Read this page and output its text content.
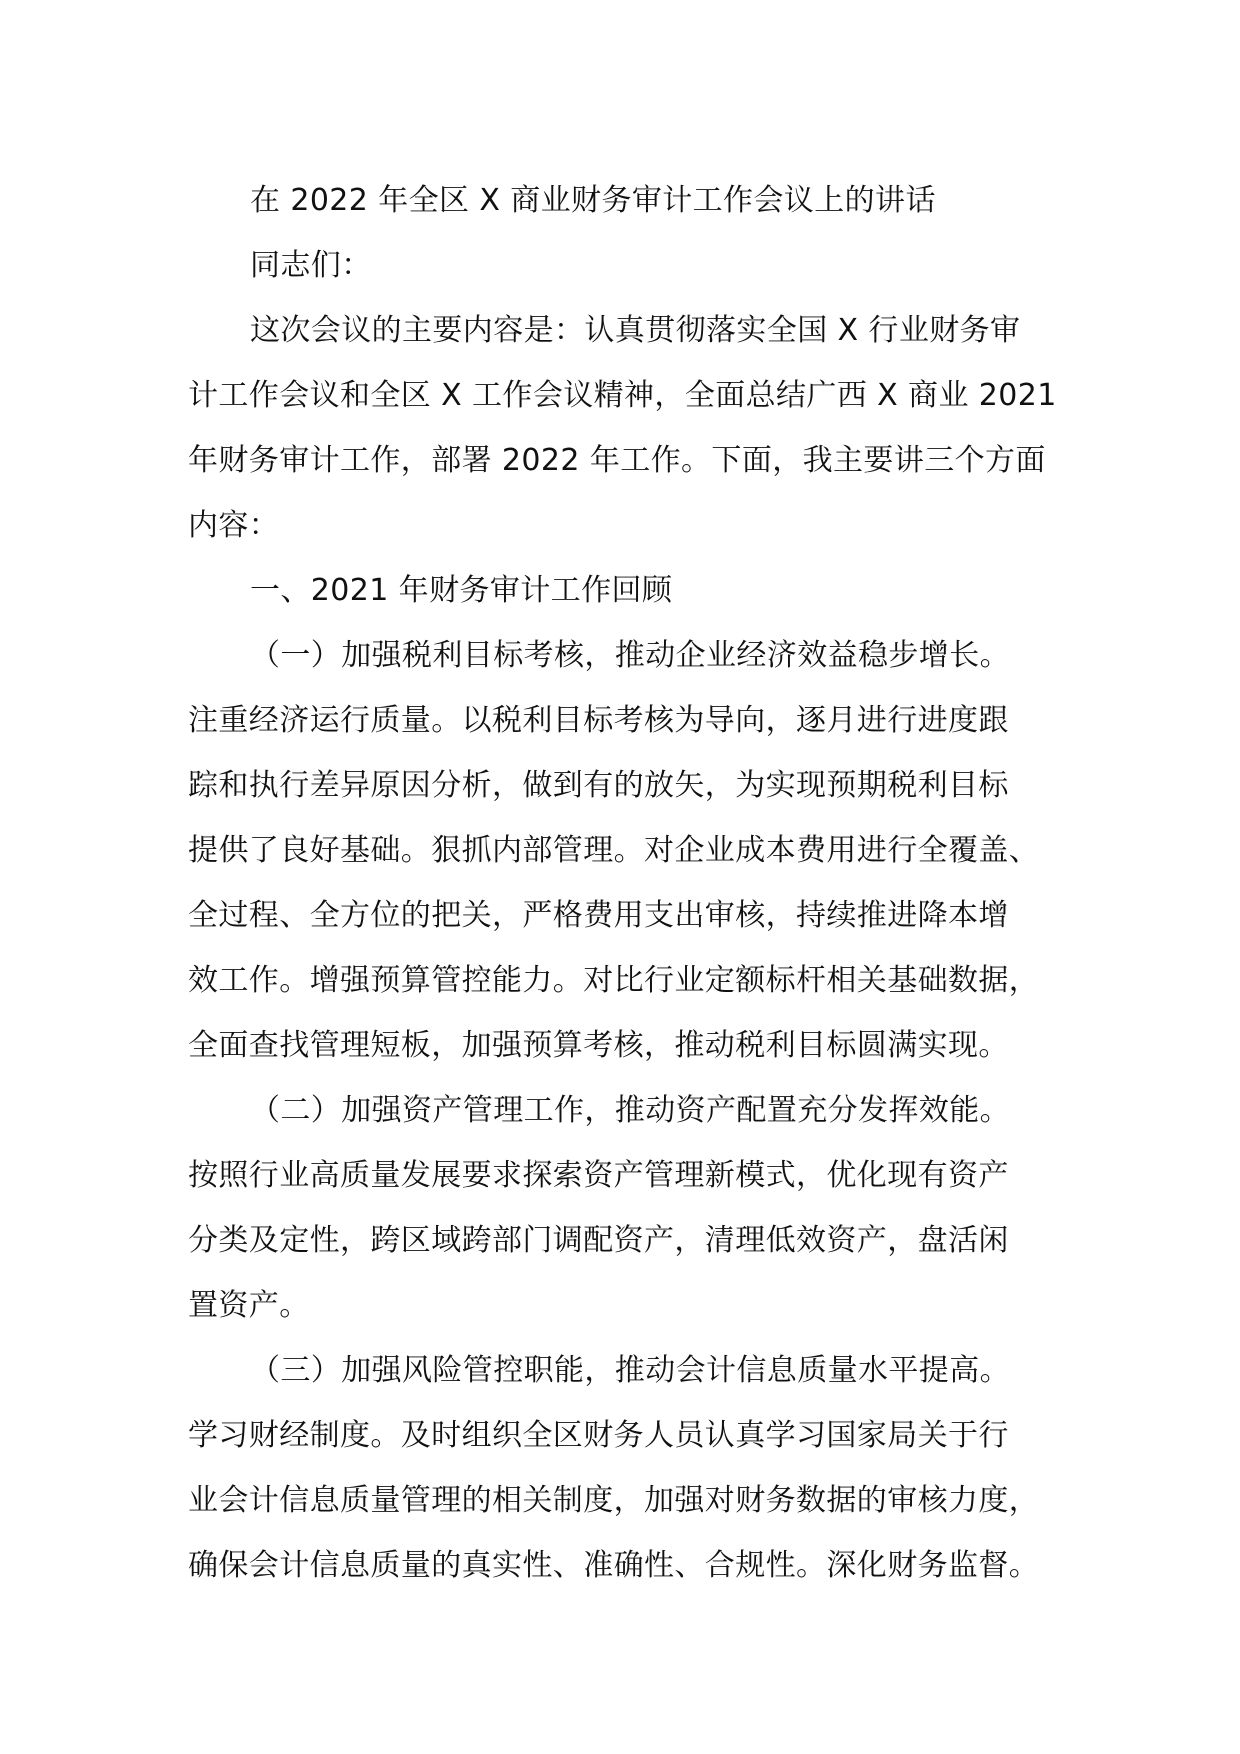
在 2022 年全区 X 商业财务审计工作会议上的讲话
同志们：
这次会议的主要内容是：认真贯彻落实全国 X 行业财务审
计工作会议和全区 X 工作会议精神，全面总结广西 X 商业 2021
年财务审计工作，部署 2022 年工作。下面，我主要讲三个方面
内容：
一、2021 年财务审计工作回顾
（一）加强税利目标考核，推动企业经济效益稳步增长。
注重经济运行质量。以税利目标考核为导向，逐月进行进度跟
踪和执行差异原因分析，做到有的放矢，为实现预期税利目标
提供了良好基础。狠抓内部管理。对企业成本费用进行全覆盖、
全过程、全方位的把关，严格费用支出审核，持续推进降本增
效工作。增强预算管控能力。对比行业定额标杆相关基础数据，
全面查找管理短板，加强预算考核，推动税利目标圆满实现。
（二）加强资产管理工作，推动资产配置充分发挥效能。
按照行业高质量发展要求探索资产管理新模式，优化现有资产
分类及定性，跨区域跨部门调配资产，清理低效资产，盘活闲
置资产。
（三）加强风险管控职能，推动会计信息质量水平提高。
学习财经制度。及时组织全区财务人员认真学习国家局关于行
业会计信息质量管理的相关制度，加强对财务数据的审核力度，
确保会计信息质量的真实性、准确性、合规性。深化财务监督。
